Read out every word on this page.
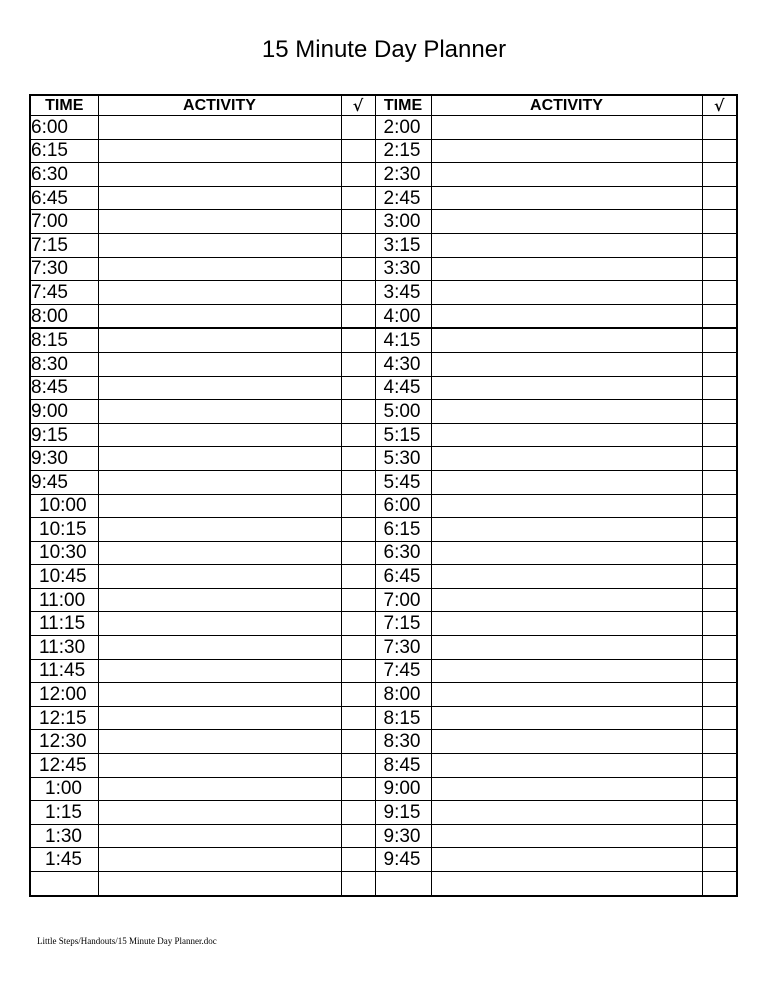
15 Minute Day Planner
TIME	ACTIVITY	√	TIME	ACTIVITY	√
6:00			2:00		
6:15			2:15		
6:30			2:30		
6:45			2:45		
7:00			3:00		
7:15			3:15		
7:30			3:30		
7:45			3:45		
8:00			4:00		
8:15			4:15		
8:30			4:30		
8:45			4:45		
9:00			5:00		
9:15			5:15		
9:30			5:30		
9:45			5:45		
10:00			6:00		
10:15			6:15		
10:30			6:30		
10:45			6:45		
11:00			7:00		
11:15			7:15		
11:30			7:30		
11:45			7:45		
12:00			8:00		
12:15			8:15		
12:30			8:30		
12:45			8:45		
1:00			9:00		
1:15			9:15		
1:30			9:30		
1:45			9:45		

Little Steps/Handouts/15 Minute Day Planner.doc
